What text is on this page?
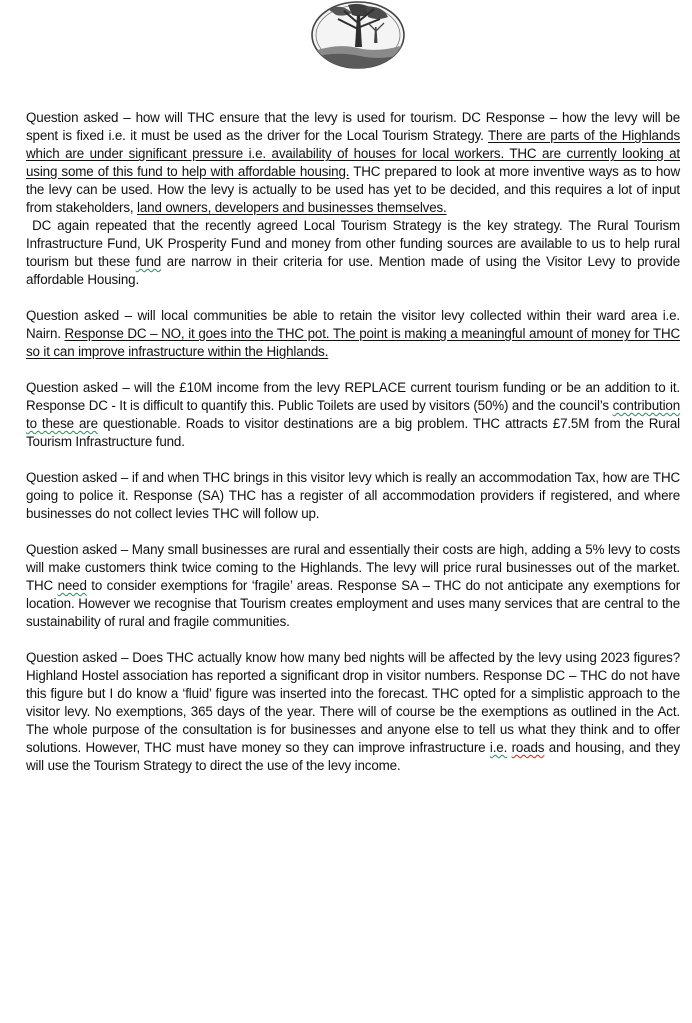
Question asked – how will THC ensure that the levy is used for tourism. DC Response – how the levy will be spent is fixed i.e. it must be used as the driver for the Local Tourism Strategy. There are parts of the Highlands which are under significant pressure i.e. availability of houses for local workers. THC are currently looking at using some of this fund to help with affordable housing. THC prepared to look at more inventive ways as to how the levy can be used. How the levy is actually to be used has yet to be decided, and this requires a lot of input from stakeholders, land owners, developers and businesses themselves.

DC again repeated that the recently agreed Local Tourism Strategy is the key strategy. The Rural Tourism Infrastructure Fund, UK Prosperity Fund and money from other funding sources are available to us to help rural tourism but these fund are narrow in their criteria for use. Mention made of using the Visitor Levy to provide affordable Housing.

Question asked – will local communities be able to retain the visitor levy collected within their ward area i.e. Nairn. Response DC – NO, it goes into the THC pot. The point is making a meaningful amount of money for THC so it can improve infrastructure within the Highlands.

Question asked – will the £10M income from the levy REPLACE current tourism funding or be an addition to it. Response DC - It is difficult to quantify this. Public Toilets are used by visitors (50%) and the council’s contribution to these are questionable. Roads to visitor destinations are a big problem. THC attracts £7.5M from the Rural Tourism Infrastructure fund.

Question asked – if and when THC brings in this visitor levy which is really an accommodation Tax, how are THC going to police it. Response (SA) THC has a register of all accommodation providers if registered, and where businesses do not collect levies THC will follow up.

Question asked – Many small businesses are rural and essentially their costs are high, adding a 5% levy to costs will make customers think twice coming to the Highlands. The levy will price rural businesses out of the market. THC need to consider exemptions for ‘fragile’ areas. Response SA – THC do not anticipate any exemptions for location. However we recognise that Tourism creates employment and uses many services that are central to the sustainability of rural and fragile communities.

Question asked – Does THC actually know how many bed nights will be affected by the levy using 2023 figures? Highland Hostel association has reported a significant drop in visitor numbers. Response DC – THC do not have this figure but I do know a ‘fluid’ figure was inserted into the forecast. THC opted for a simplistic approach to the visitor levy. No exemptions, 365 days of the year. There will of course be the exemptions as outlined in the Act. The whole purpose of the consultation is for businesses and anyone else to tell us what they think and to offer solutions. However, THC must have money so they can improve infrastructure i.e. roads and housing, and they will use the Tourism Strategy to direct the use of the levy income.
